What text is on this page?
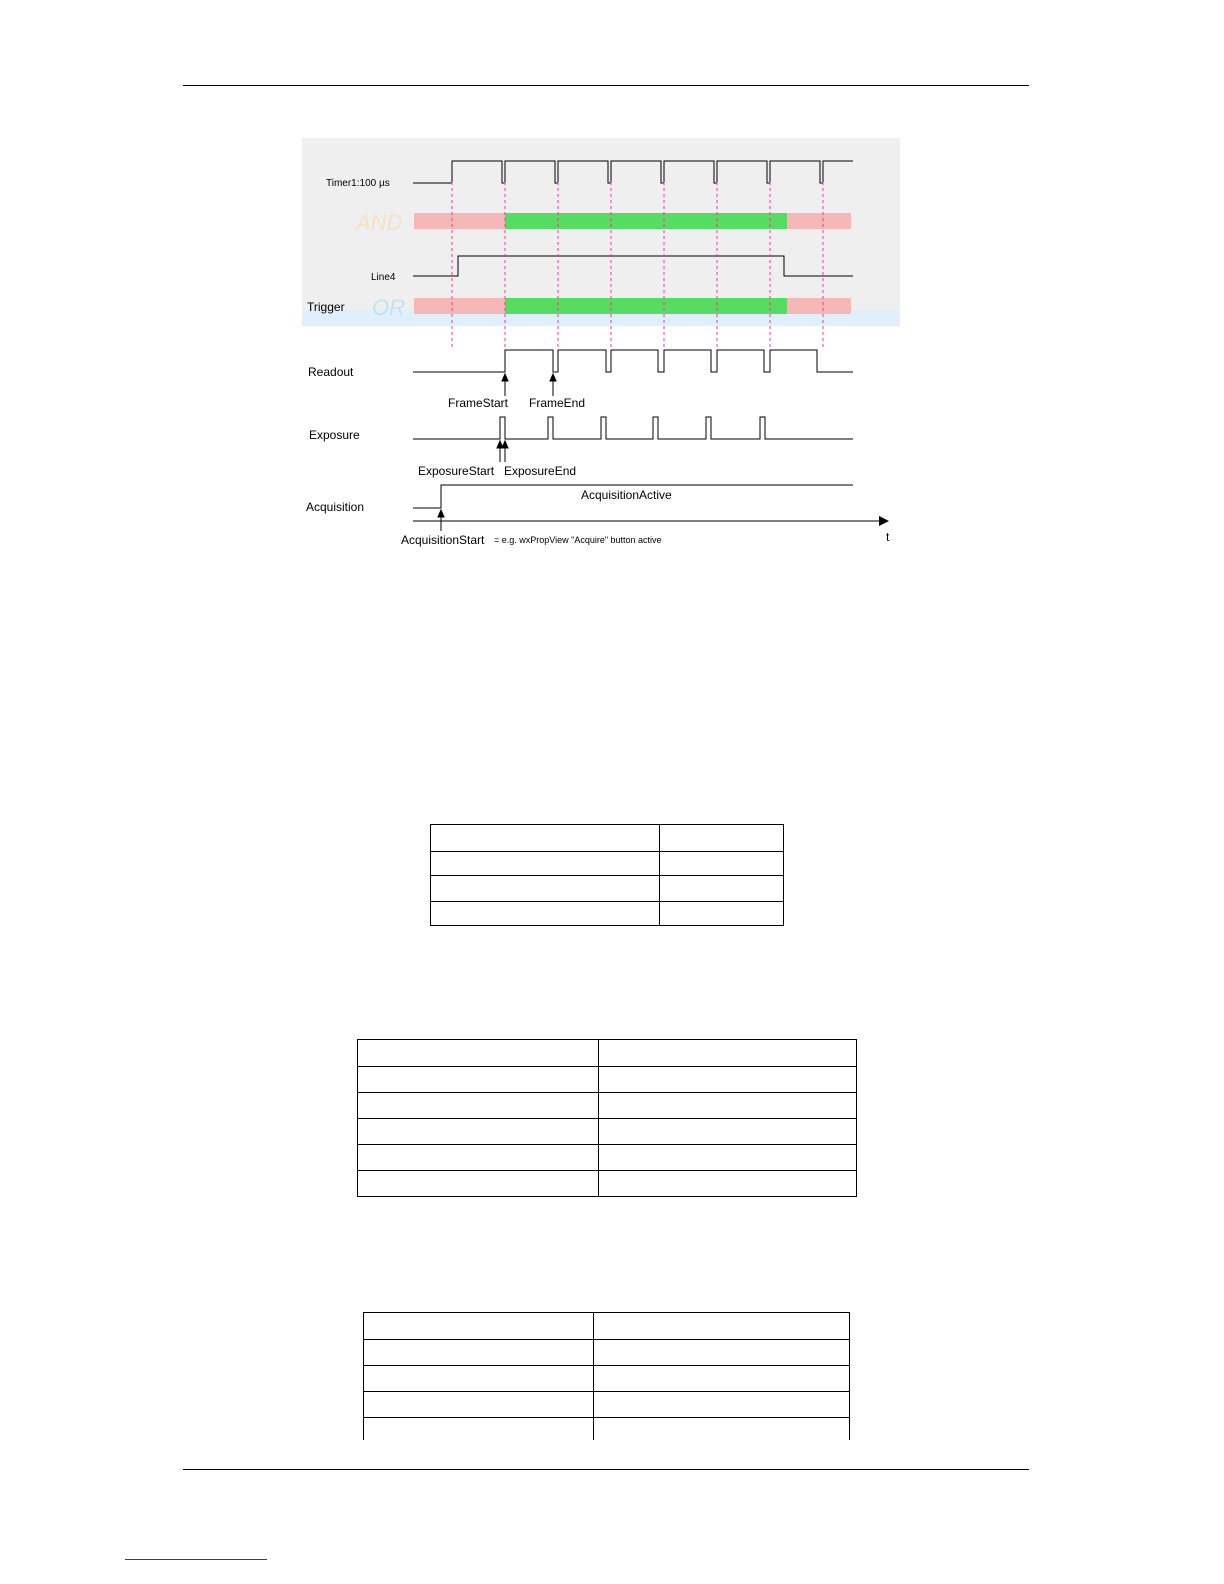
Timer1:100 µs
AND
Line4
Trigger OR
Readout
FrameStart FrameEnd
Exposure
ExposureStart ExposureEnd
AcquisitionActive
Acquisition
AcquisitionStart = e.g. wxPropView "Acquire" button active	t
